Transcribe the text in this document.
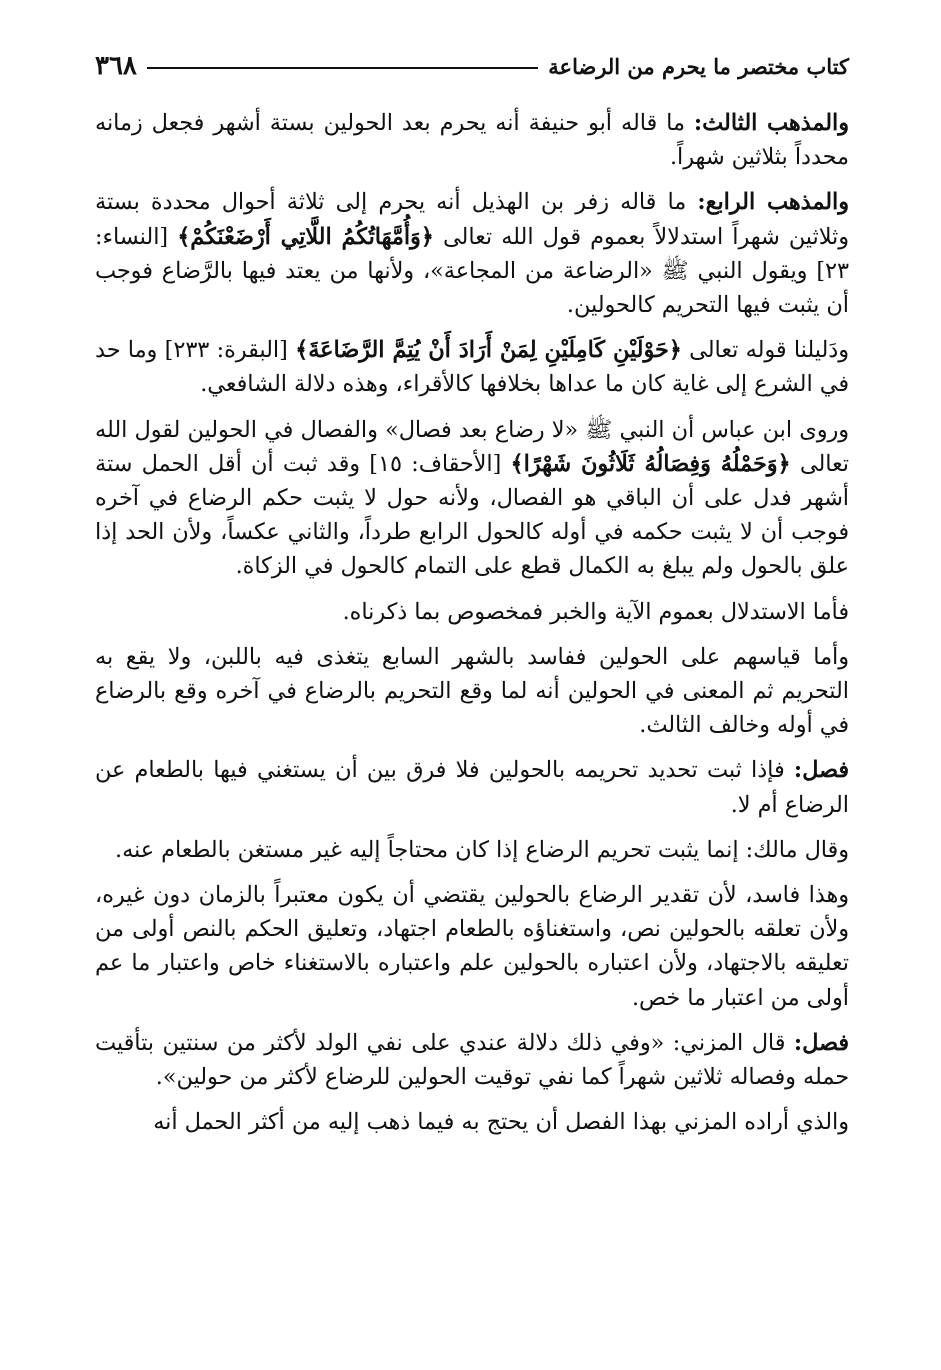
كتاب مختصر ما يحرم من الرضاعة
٣٦٨

والمذهب الثالث: ما قاله أبو حنيفة أنه يحرم بعد الحولين بستة أشهر فجعل زمانه محدداً بثلاثين شهراً.

والمذهب الرابع: ما قاله زفر بن الهذيل أنه يحرم إلى ثلاثة أحوال محددة بستة وثلاثين شهراً استدلالاً بعموم قول الله تعالى ﴿وَأُمَّهَاتُكُمُ اللَّاتِي أَرْضَعْنَكُمْ﴾ [النساء: ٢٣] ويقول النبي ﷺ «الرضاعة من المجاعة»، ولأنها من يعتد فيها بالرَّضاع فوجب أن يثبت فيها التحريم كالحولين.

ودَليلنا قوله تعالى ﴿حَوْلَيْنِ كَامِلَيْنِ لِمَنْ أَرَادَ أَنْ يُتِمَّ الرَّضَاعَةَ﴾ [البقرة: ٢٣٣] وما حد في الشرع إلى غاية كان ما عداها بخلافها كالأقراء، وهذه دلالة الشافعي.

وروى ابن عباس أن النبي ﷺ «لا رضاع بعد فصال» والفصال في الحولين لقول الله تعالى ﴿وَحَمْلُهُ وَفِصَالُهُ ثَلَاثُونَ شَهْرًا﴾ [الأحقاف: ١٥] وقد ثبت أن أقل الحمل ستة أشهر فدل على أن الباقي هو الفصال، ولأنه حول لا يثبت حكم الرضاع في آخره فوجب أن لا يثبت حكمه في أوله كالحول الرابع طرداً، والثاني عكساً، ولأن الحد إذا علق بالحول ولم يبلغ به الكمال قطع على التمام كالحول في الزكاة.

فأما الاستدلال بعموم الآية والخبر فمخصوص بما ذكرناه.

وأما قياسهم على الحولين ففاسد بالشهر السابع يتغذى فيه باللبن، ولا يقع به التحريم ثم المعنى في الحولين أنه لما وقع التحريم بالرضاع في آخره وقع بالرضاع في أوله وخالف الثالث.

فصل: فإذا ثبت تحديد تحريمه بالحولين فلا فرق بين أن يستغني فيها بالطعام عن الرضاع أم لا.

وقال مالك: إنما يثبت تحريم الرضاع إذا كان محتاجاً إليه غير مستغن بالطعام عنه.

وهذا فاسد، لأن تقدير الرضاع بالحولين يقتضي أن يكون معتبراً بالزمان دون غيره، ولأن تعلقه بالحولين نص، واستغناؤه بالطعام اجتهاد، وتعليق الحكم بالنص أولى من تعليقه بالاجتهاد، ولأن اعتباره بالحولين علم واعتباره بالاستغناء خاص واعتبار ما عم أولى من اعتبار ما خص.

فصل: قال المزني: «وفي ذلك دلالة عندي على نفي الولد لأكثر من سنتين بتأقيت حمله وفصاله ثلاثين شهراً كما نفي توقيت الحولين للرضاع لأكثر من حولين».

والذي أراده المزني بهذا الفصل أن يحتج به فيما ذهب إليه من أكثر الحمل أنه
